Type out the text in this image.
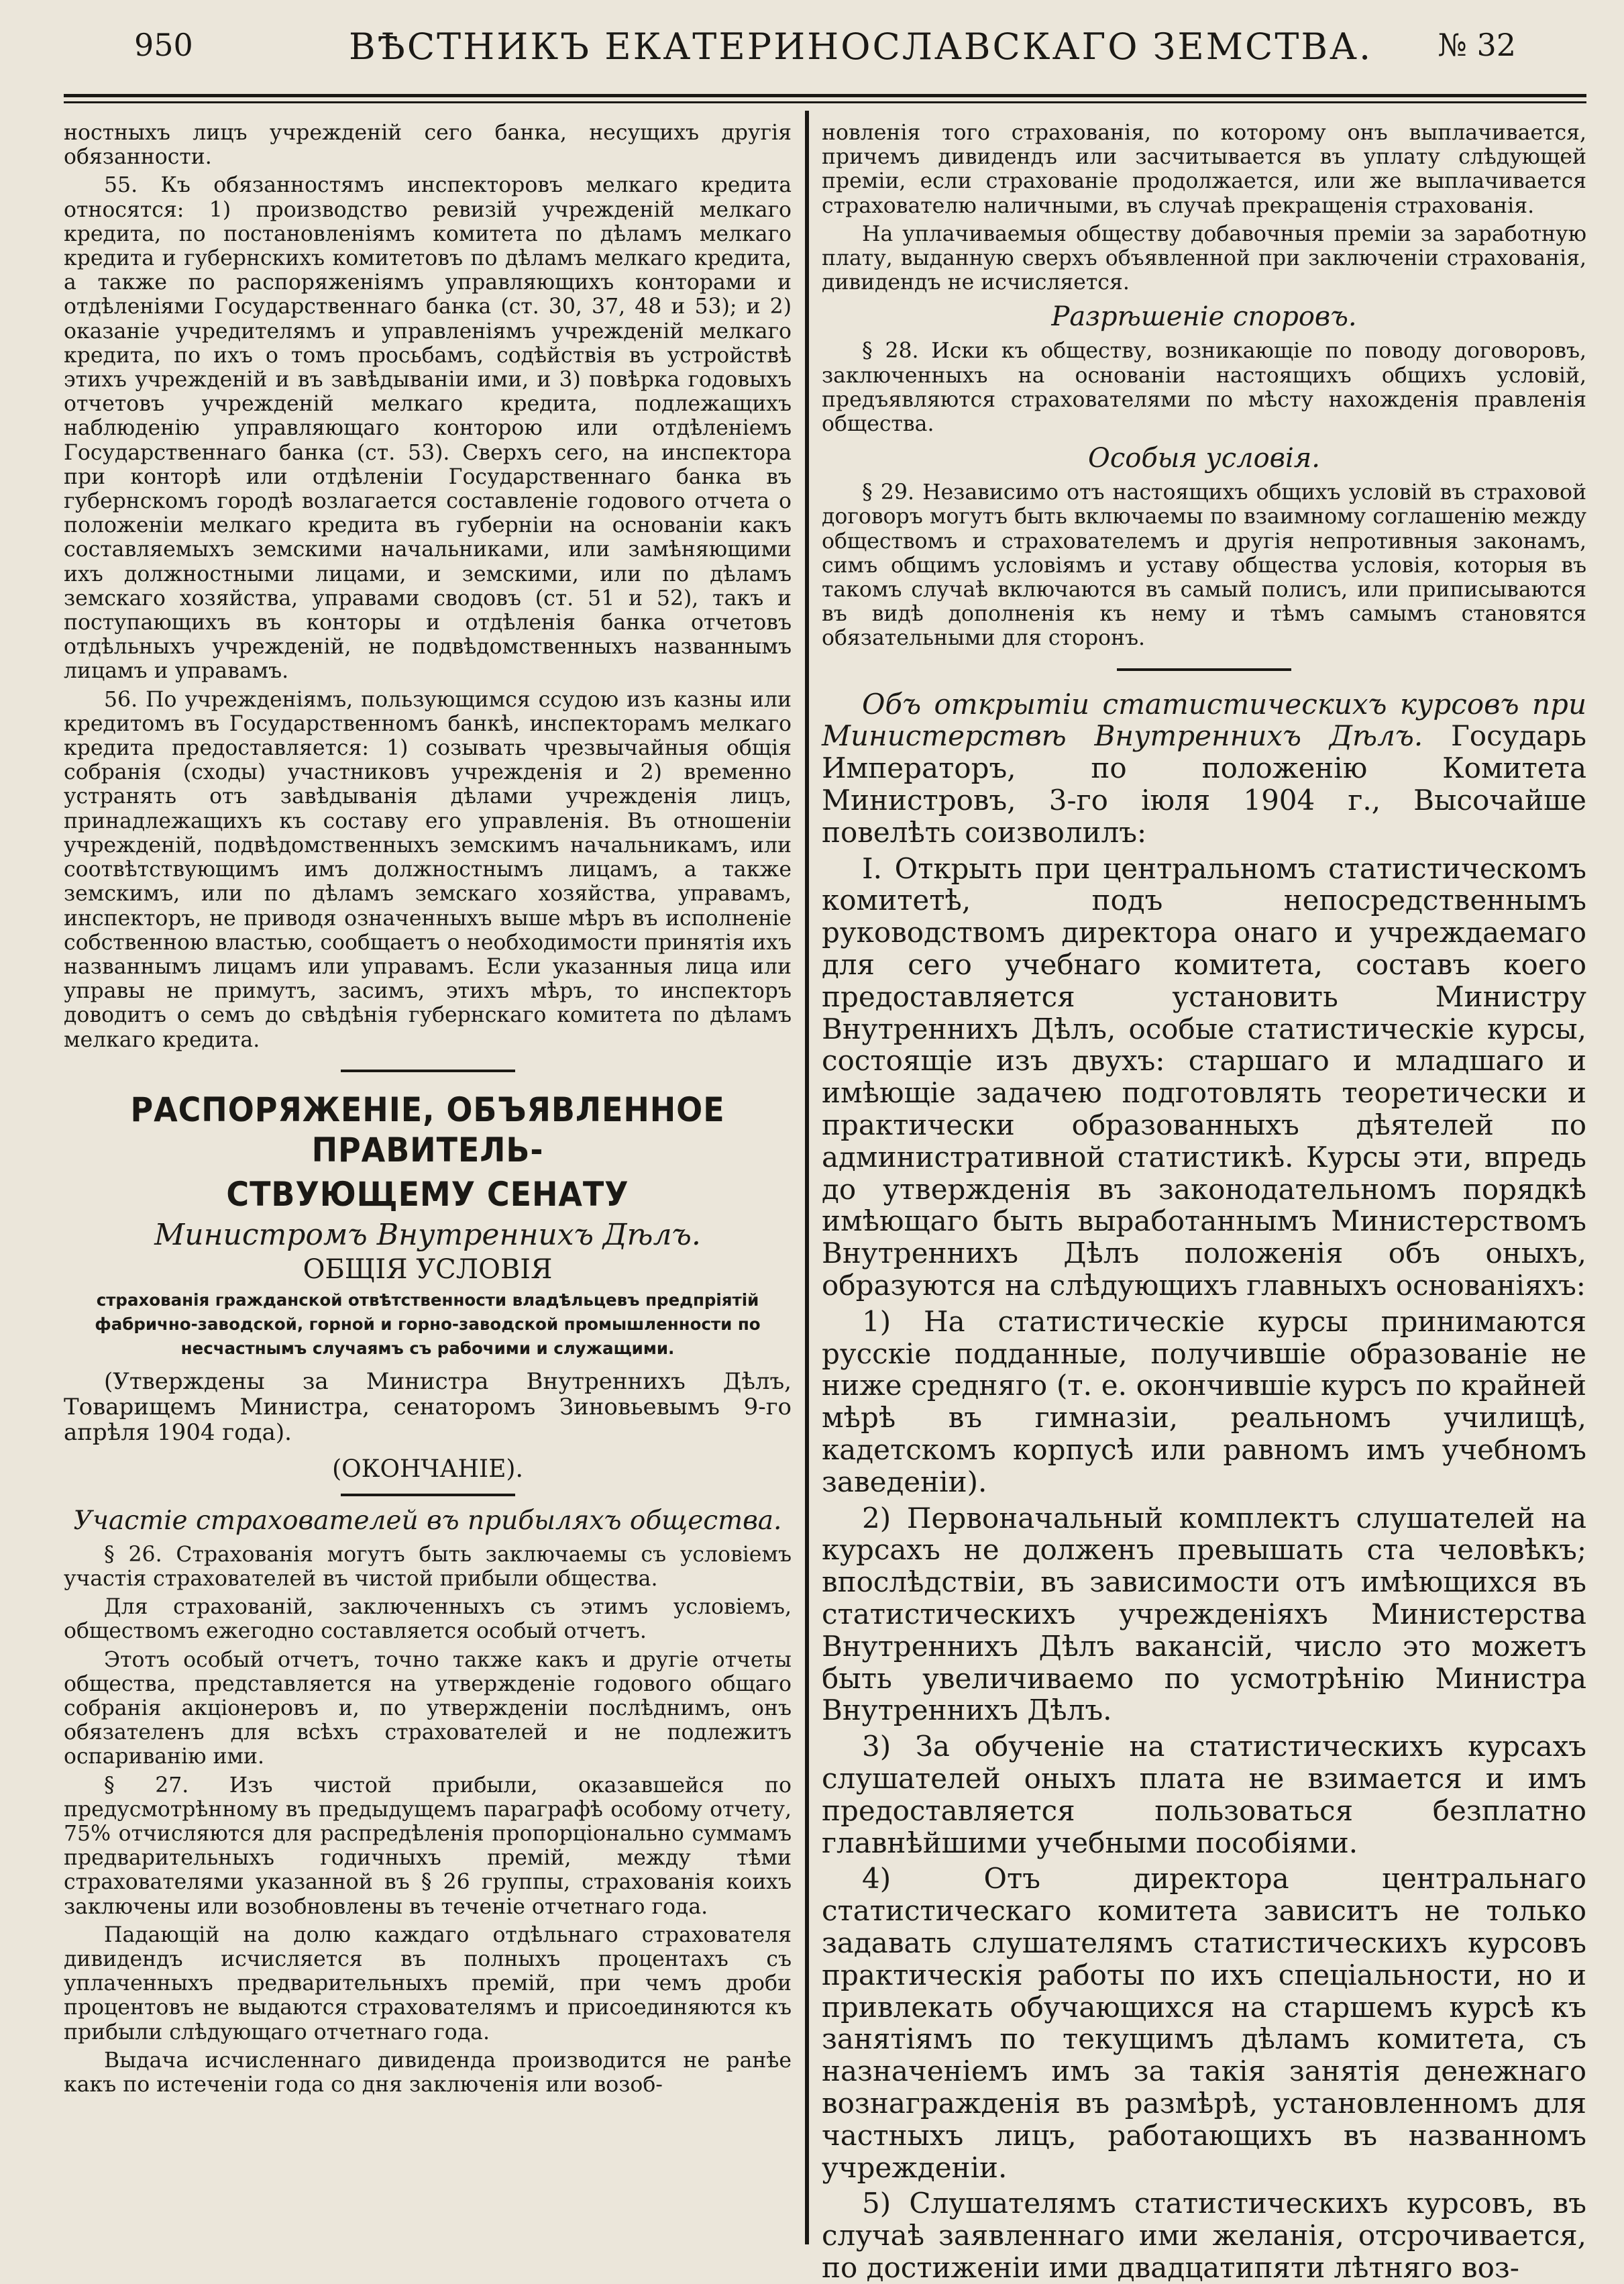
950	ВѢСТНИКЪ ЕКАТЕРИНОСЛАВСКАГО ЗЕМСТВА. № 32

ностныхъ лицъ учрежденій сего банка, несущихъ другія обязанности.

55. Къ обязанностямъ инспекторовъ мелкаго кредита относятся: 1) производство ревизій учрежденій мелкаго кредита, по постановленіямъ комитета по дѣламъ мелкаго кредита и губернскихъ комитетовъ по дѣламъ мелкаго кредита, а также по распоряженіямъ управляющихъ конторами и отдѣленіями Государственнаго банка (ст. 30, 37, 48 и 53); и 2) оказаніе учредителямъ и управленіямъ учрежденій мелкаго кредита, по ихъ о томъ просьбамъ, содѣйствія въ устройствѣ этихъ учрежденій и въ завѣдываніи ими, и 3) повѣрка годовыхъ отчетовъ учрежденій мелкаго кредита, подлежащихъ наблюденію управляющаго конторою или отдѣленіемъ Государственнаго банка (ст. 53). Сверхъ сего, на инспектора при конторѣ или отдѣленіи Государственнаго банка въ губернскомъ городѣ возлагается составленіе годового отчета о положеніи мелкаго кредита въ губерніи на основаніи какъ составляемыхъ земскими начальниками, или замѣняющими ихъ должностными лицами, и земскими, или по дѣламъ земскаго хозяйства, управами сводовъ (ст. 51 и 52), такъ и поступающихъ въ конторы и отдѣленія банка отчетовъ отдѣльныхъ учрежденій, не подвѣдомственныхъ названнымъ лицамъ и управамъ.

56. По учрежденіямъ, пользующимся ссудою изъ казны или кредитомъ въ Государственномъ банкѣ, инспекторамъ мелкаго кредита предоставляется: 1) созывать чрезвычайныя общія собранія (сходы) участниковъ учрежденія и 2) временно устранять отъ завѣдыванія дѣлами учрежденія лицъ, принадлежащихъ къ составу его управленія. Въ отношеніи учрежденій, подвѣдомственныхъ земскимъ начальникамъ, или соотвѣтствующимъ имъ должностнымъ лицамъ, а также земскимъ, или по дѣламъ земскаго хозяйства, управамъ, инспекторъ, не приводя означенныхъ выше мѣръ въ исполненіе собственною властью, сообщаетъ о необходимости принятія ихъ названнымъ лицамъ или управамъ. Если указанныя лица или управы не примутъ, засимъ, этихъ мѣръ, то инспекторъ доводитъ о семъ до свѣдѣнія губернскаго комитета по дѣламъ мелкаго кредита.

РАСПОРЯЖЕНІЕ, ОБЪЯВЛЕННОЕ ПРАВИТЕЛЬ-
СТВУЮЩЕМУ СЕНАТУ
Министромъ Внутреннихъ Дѣлъ.
ОБЩІЯ УСЛОВІЯ
страхованія гражданской отвѣтственности владѣльцевъ предпріятій фабрично-заводской, горной и горно-заводской промышленности по несчастнымъ случаямъ съ рабочими и служащими.

(Утверждены за Министра Внутреннихъ Дѣлъ, Товарищемъ Министра, сенаторомъ Зиновьевымъ 9-го апрѣля 1904 года).

(ОКОНЧАНІЕ).

Участіе страхователей въ прибыляхъ общества.

§ 26. Страхованія могутъ быть заключаемы съ условіемъ участія страхователей въ чистой прибыли общества.

Для страхованій, заключенныхъ съ этимъ условіемъ, обществомъ ежегодно составляется особый отчетъ.

Этотъ особый отчетъ, точно также какъ и другіе отчеты общества, представляется на утвержденіе годового общаго собранія акціонеровъ и, по утвержденіи послѣднимъ, онъ обязателенъ для всѣхъ страхователей и не подлежитъ оспариванію ими.

§ 27. Изъ чистой прибыли, оказавшейся по предусмотрѣнному въ предыдущемъ параграфѣ особому отчету, 75% отчисляются для распредѣленія пропорціонально суммамъ предварительныхъ годичныхъ премій, между тѣми страхователями указанной въ § 26 группы, страхованія коихъ заключены или возобновлены въ теченіе отчетнаго года.

Падающій на долю каждаго отдѣльнаго страхователя дивидендъ исчисляется въ полныхъ процентахъ съ уплаченныхъ предварительныхъ премій, при чемъ дроби процентовъ не выдаются страхователямъ и присоединяются къ прибыли слѣдующаго отчетнаго года.

Выдача исчисленнаго дивиденда производится не ранѣе какъ по истеченіи года со дня заключенія или возоб-

новленія того страхованія, по которому онъ выплачивается, причемъ дивидендъ или засчитывается въ уплату слѣдующей преміи, если страхованіе продолжается, или же выплачивается страхователю наличными, въ случаѣ прекращенія страхованія.

На уплачиваемыя обществу добавочныя преміи за заработную плату, выданную сверхъ объявленной при заключеніи страхованія, дивидендъ не исчисляется.

Разрѣшеніе споровъ.

§ 28. Иски къ обществу, возникающіе по поводу договоровъ, заключенныхъ на основаніи настоящихъ общихъ условій, предъявляются страхователями по мѣсту нахожденія правленія общества.

Особыя условія.

§ 29. Независимо отъ настоящихъ общихъ условій въ страховой договоръ могутъ быть включаемы по взаимному соглашенію между обществомъ и страхователемъ и другія непротивныя законамъ, симъ общимъ условіямъ и уставу общества условія, которыя въ такомъ случаѣ включаются въ самый полисъ, или приписываются въ видѣ дополненія къ нему и тѣмъ самымъ становятся обязательными для сторонъ.

Объ открытіи статистическихъ курсовъ при Министерствѣ Внутреннихъ Дѣлъ. Государь Императоръ, по положенію Комитета Министровъ, 3-го іюля 1904 г., Высочайше повелѣть соизволилъ:

I. Открыть при центральномъ статистическомъ комитетѣ, подъ непосредственнымъ руководствомъ директора онаго и учреждаемаго для сего учебнаго комитета, составъ коего предоставляется установить Министру Внутреннихъ Дѣлъ, особые статистическіе курсы, состоящіе изъ двухъ: старшаго и младшаго и имѣющіе задачею подготовлять теоретически и практически образованныхъ дѣятелей по административной статистикѣ. Курсы эти, впредь до утвержденія въ законодательномъ порядкѣ имѣющаго быть выработаннымъ Министерствомъ Внутреннихъ Дѣлъ положенія объ оныхъ, образуются на слѣдующихъ главныхъ основаніяхъ:

1) На статистическіе курсы принимаются русскіе подданные, получившіе образованіе не ниже средняго (т. е. окончившіе курсъ по крайней мѣрѣ въ гимназіи, реальномъ училищѣ, кадетскомъ корпусѣ или равномъ имъ учебномъ заведеніи).

2) Первоначальный комплектъ слушателей на курсахъ не долженъ превышать ста человѣкъ; впослѣдствіи, въ зависимости отъ имѣющихся въ статистическихъ учрежденіяхъ Министерства Внутреннихъ Дѣлъ вакансій, число это можетъ быть увеличиваемо по усмотрѣнію Министра Внутреннихъ Дѣлъ.

3) За обученіе на статистическихъ курсахъ слушателей оныхъ плата не взимается и имъ предоставляется пользоваться безплатно главнѣйшими учебными пособіями.

4) Отъ директора центральнаго статистическаго комитета зависитъ не только задавать слушателямъ статистическихъ курсовъ практическія работы по ихъ спеціальности, но и привлекать обучающихся на старшемъ курсѣ къ занятіямъ по текущимъ дѣламъ комитета, съ назначеніемъ имъ за такія занятія денежнаго вознагражденія въ размѣрѣ, установленномъ для частныхъ лицъ, работающихъ въ названномъ учрежденіи.

5) Слушателямъ статистическихъ курсовъ, въ случаѣ заявленнаго ими желанія, отсрочивается, по достиженіи ими двадцатипяти лѣтняго воз-
